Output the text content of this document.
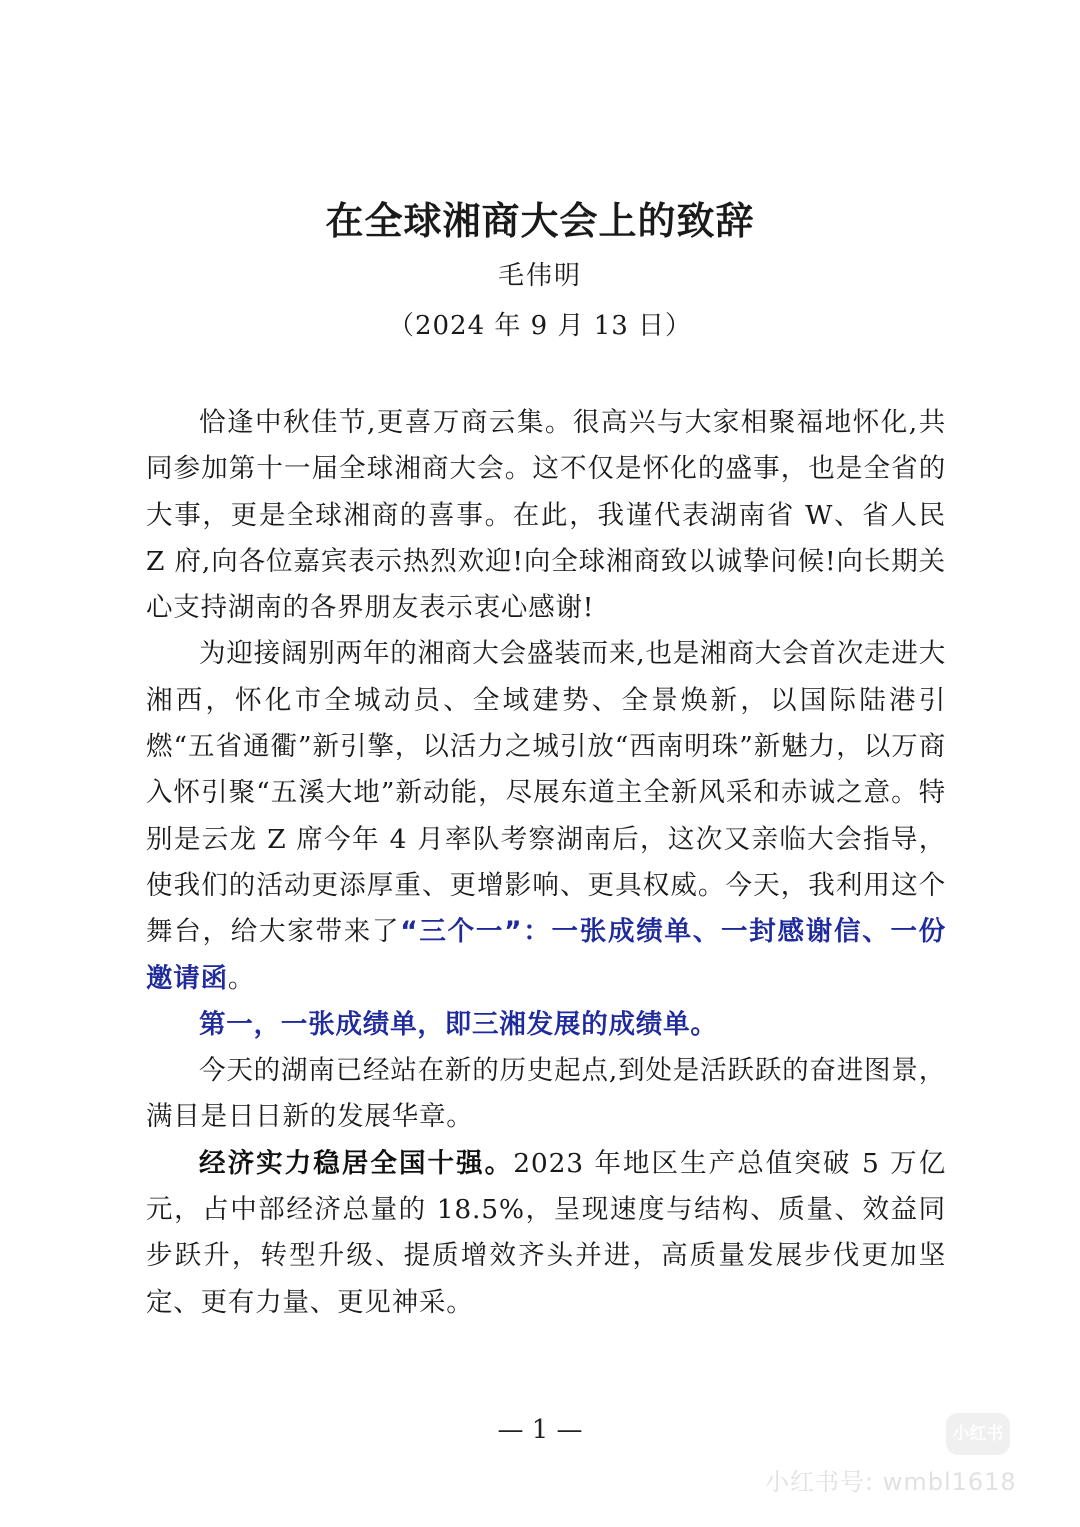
在全球湘商大会上的致辞
毛伟明
（2024 年 9 月 13 日）

恰逢中秋佳节,更喜万商云集。很高兴与大家相聚福地怀化,共同参加第十一届全球湘商大会。这不仅是怀化的盛事，也是全省的大事，更是全球湘商的喜事。在此，我谨代表湖南省 W、省人民 Z 府,向各位嘉宾表示热烈欢迎!向全球湘商致以诚挚问候!向长期关心支持湖南的各界朋友表示衷心感谢!

为迎接阔别两年的湘商大会盛装而来,也是湘商大会首次走进大湘西，怀化市全城动员、全域建势、全景焕新，以国际陆港引燃“五省通衢”新引擎，以活力之城引放“西南明珠”新魅力，以万商入怀引聚“五溪大地”新动能，尽展东道主全新风采和赤诚之意。特别是云龙 Z 席今年 4 月率队考察湖南后，这次又亲临大会指导，使我们的活动更添厚重、更增影响、更具权威。今天，我利用这个舞台，给大家带来了“三个一”：一张成绩单、一封感谢信、一份邀请函。

第一，一张成绩单，即三湘发展的成绩单。

今天的湖南已经站在新的历史起点,到处是活跃跃的奋进图景，满目是日日新的发展华章。

经济实力稳居全国十强。2023 年地区生产总值突破 5 万亿元，占中部经济总量的 18.5%，呈现速度与结构、质量、效益同步跃升，转型升级、提质增效齐头并进，高质量发展步伐更加坚定、更有力量、更见神采。

— 1 —	小红书
小红书号: wmbl1618
